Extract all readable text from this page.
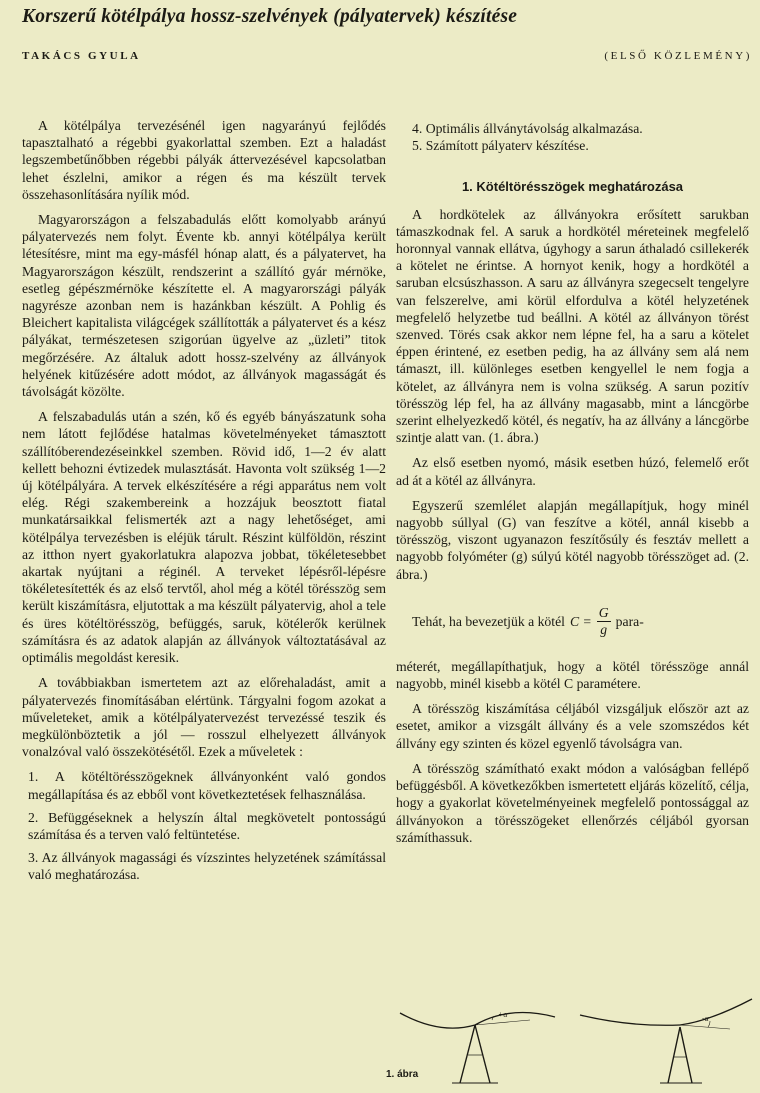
Korszerű kötélpálya hossz-szelvények (pályatervek) készítése
TAKÁCS GYULA	(ELSŐ KÖZLEMÉNY)

A kötélpálya tervezésénél igen nagyarányú fejlődés tapasztalható a régebbi gyakorlattal szemben. Ezt a haladást legszembetűnőbben régebbi pályák áttervezésével kapcsolatban lehet észlelni, amikor a régen és ma készült tervek összehasonlítására nyílik mód.

Magyarországon a felszabadulás előtt komolyabb arányú pályatervezés nem folyt. Évente kb. annyi kötélpálya került létesítésre, mint ma egy-másfél hónap alatt, és a pályatervet, ha Magyarországon készült, rendszerint a szállító gyár mérnöke, esetleg gépészmérnöke készítette el. A magyarországi pályák nagyrésze azonban nem is hazánkban készült. A Pohlig és Bleichert kapitalista világcégek szállították a pályatervet és a kész pályákat, természetesen szigorúan ügyelve az „üzleti” titok megőrzésére. Az általuk adott hossz-szelvény az állványok helyének kitűzésére adott módot, az állványok magasságát és távolságát közölte.

A felszabadulás után a szén, kő és egyéb bányászatunk soha nem látott fejlődése hatalmas követelményeket támasztott szállítóberendezéseinkkel szemben. Rövid idő, 1—2 év alatt kellett behozni évtizedek mulasztását. Havonta volt szükség 1—2 új kötélpályára. A tervek elkészítésére a régi apparátus nem volt elég. Régi szakembereink a hozzájuk beosztott fiatal munkatársaikkal felismerték azt a nagy lehetőséget, ami kötélpálya tervezésben is eléjük tárult. Részint külföldön, részint az itthon nyert gyakorlatukra alapozva jobbat, tökéletesebbet akartak nyújtani a réginél. A terveket lépésről-lépésre tökéletesítették és az első tervtől, ahol még a kötél törésszög sem került kiszámításra, eljutottak a ma készült pályatervig, ahol a tele és üres kötéltörésszög, befüggés, saruk, kötélerők kerülnek számításra és az adatok alapján az állványok változtatásával az optimális megoldást keresik.

A továbbiakban ismertetem azt az előrehaladást, amit a pályatervezés finomításában elértünk. Tárgyalni fogom azokat a műveleteket, amik a kötélpályatervezést tervezéssé teszik és megkülönböztetik a jól — rosszul elhelyezett állványok vonalzóval való összekötésétől. Ezek a műveletek :

1. A kötéltörésszögeknek állványonként való gondos megállapítása és az ebből vont következtetések felhasználása.

2. Befüggéseknek a helyszín által megkövetelt pontosságú számítása és a terven való feltüntetése.

3. Az állványok magassági és vízszintes helyzetének számítással való meghatározása.

4. Optimális állványtávolság alkalmazása.

5. Számított pályaterv készítése.

1. Kötéltörésszögek meghatározása

A hordkötelek az állványokra erősített sarukban támaszkodnak fel. A saruk a hordkötél méreteinek megfelelő horonnyal vannak ellátva, úgyhogy a sarun áthaladó csillekerék a kötelet ne érintse. A hornyot kenik, hogy a hordkötél a saruban elcsúszhasson. A saru az állványra szegecselt tengelyre van felszerelve, ami körül elfordulva a kötél helyzetének megfelelő helyzetbe tud beállni. A kötél az állványon törést szenved. Törés csak akkor nem lépne fel, ha a saru a kötelet éppen érintené, ez esetben pedig, ha az állvány sem alá nem támaszt, ill. különleges esetben kengyellel le nem fogja a kötelet, az állványra nem is volna szükség. A sarun pozitív törésszög lép fel, ha az állvány magasabb, mint a láncgörbe szerint elhelyezkedő kötél, és negatív, ha az állvány a láncgörbe szintje alatt van. (1. ábra.)

Az első esetben nyomó, másik esetben húzó, felemelő erőt ad át a kötél az állványra.

Egyszerű szemlélet alapján megállapítjuk, hogy minél nagyobb súllyal (G) van feszítve a kötél, annál kisebb a törésszög, viszont ugyanazon feszítősúly és fesztáv mellett a nagyobb folyóméter (g) súlyú kötél nagyobb törésszöget ad. (2. ábra.)

Tehát, ha bevezetjük a kötél $C = \frac{G}{g}$ para-

méterét, megállapíthatjuk, hogy a kötél törésszöge annál nagyobb, minél kisebb a kötél C paramétere.

A törésszög kiszámítása céljából vizsgáljuk először azt az esetet, amikor a vizsgált állvány és a vele szomszédos két állvány egy szinten és közel egyenlő távolságra van.

A törésszög számítható exakt módon a valóságban fellépő befüggésből. A következőkben ismertetett eljárás közelítő, célja, hogy a gyakorlat követelményeinek megfelelő pontossággal az állványokon a törésszögeket ellenőrzés céljából gyorsan számíthassuk.

+α	-α
1. ábra
